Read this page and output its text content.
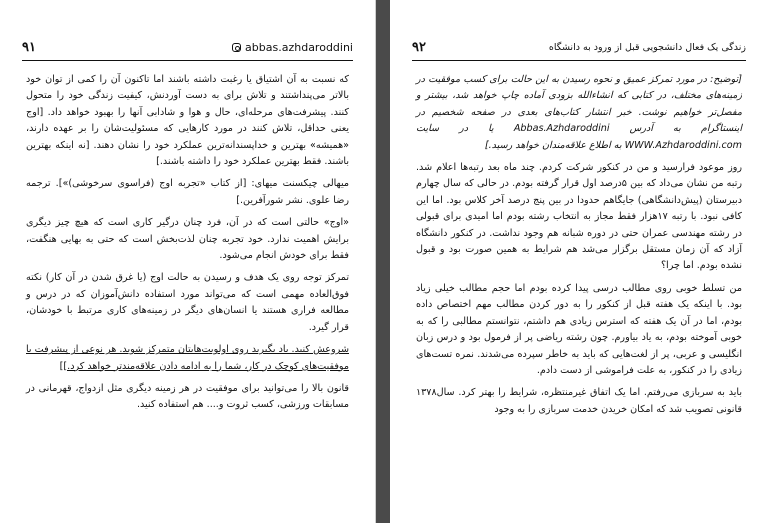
۹۱	abbas.azhdaroddini

که نسبت به آن اشتیاق یا رغبت داشته باشند اما تاکنون آن را کمی از توان خود بالاتر می‌پنداشتند و تلاش برای به دست آوردنش، کیفیت زندگی خود را متحول کنند. پیشرفت‌های مرحله‌ای، حال و هوا و شادابی آنها را بهبود خواهد داد. [اوج یعنی حداقل، تلاش کنند در مورد کارهایی که مسئولیت‌شان را بر عهده دارند، «همیشه» بهترین و خداپسندانه‌ترین عملکرد خود را نشان دهند. [نه اینکه بهترین باشند. فقط بهترین عملکرد خود را داشته باشند.]

میهالی چیکسنت میهای: [از کتاب «تجربه اوج (فراسوی سرخوشی)»]. ترجمه رضا علوی. نشر شورآفرین.]

«اوج» حالتی است که در آن، فرد چنان درگیر کاری است که هیچ چیز دیگری برایش اهمیت ندارد. خود تجربه چنان لذت‌بخش است که حتی به بهایی هنگفت، فقط برای خودش انجام می‌شود.

تمرکز توجه روی یک هدف و رسیدن به حالت اوج (یا غرق شدن در آن کار) نکته فوق‌العاده مهمی است که می‌تواند مورد استفاده دانش‌آموزان که در درس و مطالعه فراری هستند یا انسان‌های دیگر در زمینه‌های کاری مرتبط با خودشان، قرار گیرد.

شروعش کنید. یاد بگیرید روی اولویت‌هایتان متمرکز شوید. هر نوعی از پیشرفت یا موفقیت‌های کوچک در کار، شما را به ادامه دادن علاقه‌مندتر خواهد کرد.]]

قانون بالا را می‌توانید برای موفقیت در هر زمینه دیگری مثل ازدواج، قهرمانی در مسابقات ورزشی، کسب ثروت و.... هم استفاده کنید.

۹۲	زندگی یک فعال دانشجویی قبل از ورود به دانشگاه

[توضیح: در مورد تمرکز عمیق و نحوه رسیدن به این حالت برای کسب موفقیت در زمینه‌های مختلف، در کتابی که انشاءالله بزودی آماده چاپ خواهد شد، بیشتر و مفصل‌تر خواهیم نوشت. خبر انتشار کتاب‌های بعدی در صفحه شخصیم در اینستاگرام به آدرس Abbas.Azhdaroddini یا در سایت WWW.Azhdaroddini.com به اطلاع علاقه‌مندان خواهد رسید.]

روز موعود فرارسید و من در کنکور شرکت کردم. چند ماه بعد رتبه‌ها اعلام شد. رتبه من نشان می‌داد که بین ۵درصد اول قرار گرفته بودم. در حالی که سال چهارم دبیرستان (پیش‌دانشگاهی) جایگاهم حدودا در بین پنج درصد آخر کلاس بود. اما این کافی نبود. با رتبه ۱۷هزار فقط مجاز به انتخاب رشته بودم اما امیدی برای قبولی در رشته مهندسی عمران حتی در دوره شبانه هم وجود نداشت. در کنکور دانشگاه آزاد که آن زمان مستقل برگزار می‌شد هم شرایط به همین صورت بود و قبول نشده بودم. اما چرا؟

من تسلط خوبی روی مطالب درسی پیدا کرده بودم اما حجم مطالب خیلی زیاد بود. با اینکه یک هفته قبل از کنکور را به دور کردن مطالب مهم اختصاص داده بودم، اما در آن یک هفته که استرس زیادی هم داشتم، نتوانستم مطالبی را که به خوبی آموخته بودم، به یاد بیاورم. چون رشته ریاضی پر از فرمول بود و درس زبان انگلیسی و عربی، پر از لغت‌هایی که باید به خاطر سپرده می‌شدند. نمره تست‌های زیادی را در کنکور، به علت فراموشی از دست دادم.

باید به سربازی می‌رفتم. اما یک اتفاق غیرمنتظره، شرایط را بهتر کرد. سال۱۳۷۸ قانونی تصویب شد که امکان خریدن خدمت سربازی را به وجود
